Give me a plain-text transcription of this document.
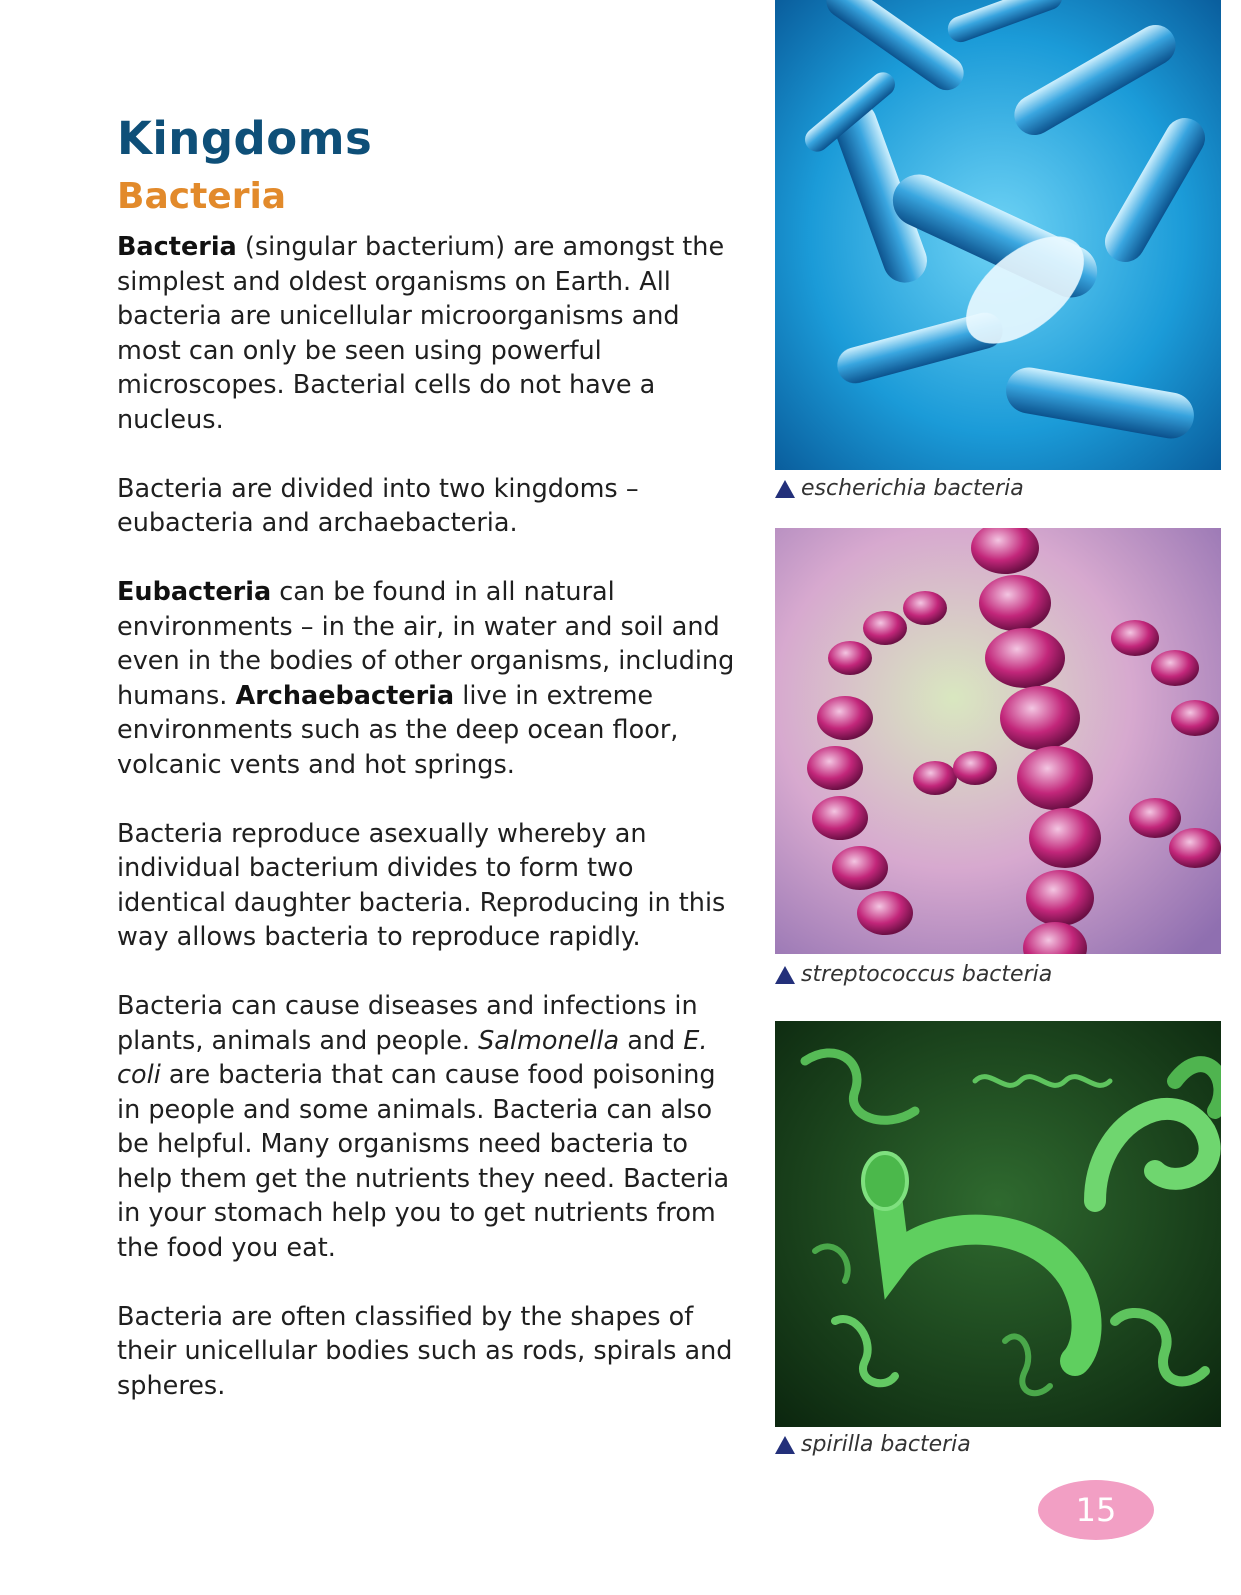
Kingdoms
Bacteria

Bacteria (singular bacterium) are amongst the simplest and oldest organisms on Earth. All bacteria are unicellular microorganisms and most can only be seen using powerful microscopes. Bacterial cells do not have a nucleus.

Bacteria are divided into two kingdoms – eubacteria and archaebacteria.

Eubacteria can be found in all natural environments – in the air, in water and soil and even in the bodies of other organisms, including humans. Archaebacteria live in extreme environments such as the deep ocean floor, volcanic vents and hot springs.

Bacteria reproduce asexually whereby an individual bacterium divides to form two identical daughter bacteria. Reproducing in this way allows bacteria to reproduce rapidly.

Bacteria can cause diseases and infections in plants, animals and people. Salmonella and E. coli are bacteria that can cause food poisoning in people and some animals. Bacteria can also be helpful. Many organisms need bacteria to help them get the nutrients they need. Bacteria in your stomach help you to get nutrients from the food you eat.

Bacteria are often classified by the shapes of their unicellular bodies such as rods, spirals and spheres.

escherichia bacteria
streptococcus bacteria
spirilla bacteria
15
